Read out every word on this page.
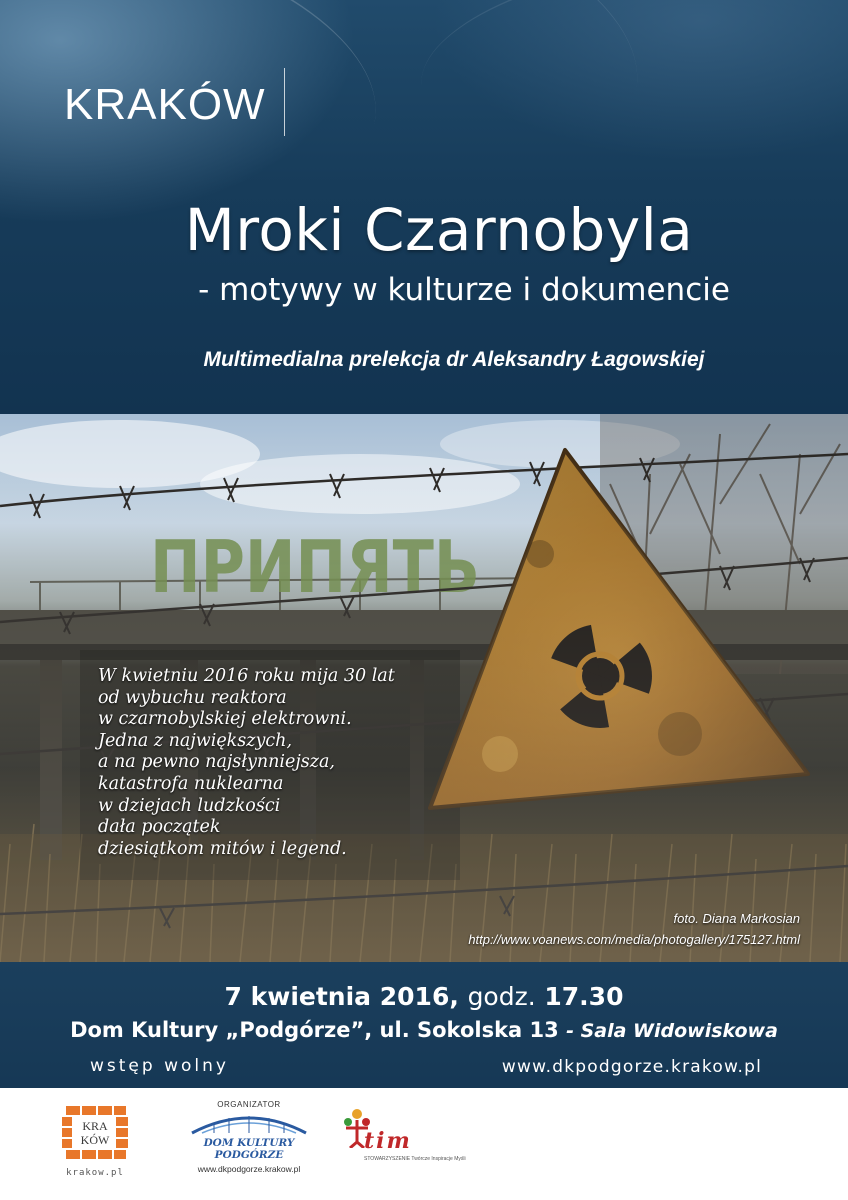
KRAKÓW
Mroki Czarnobyla
- motywy w kulturze i dokumencie
Multimedialna prelekcja dr Aleksandry Łagowskiej
W kwietniu 2016 roku mija 30 lat
od wybuchu reaktora
w czarnobylskiej elektrowni.
Jedna z największych,
a na pewno najsłynniejsza,
katastrofa nuklearna
w dziejach ludzkości
dała początek
dziesiątkom mitów i legend.
foto. Diana Markosian
http://www.voanews.com/media/photogallery/175127.html
7 kwietnia 2016, godz. 17.30
Dom Kultury „Podgórze”, ul. Sokolska 13 - Sala Widowiskowa
wstęp wolny	www.dkpodgorze.krakow.pl
KRA
KÓW
krakow.pl
ORGANIZATOR
DOM KULTURY PODGÓRZE
www.dkpodgorze.krakow.pl
tim
STOWARZYSZENIE Twórcze Inspiracje Myśli
